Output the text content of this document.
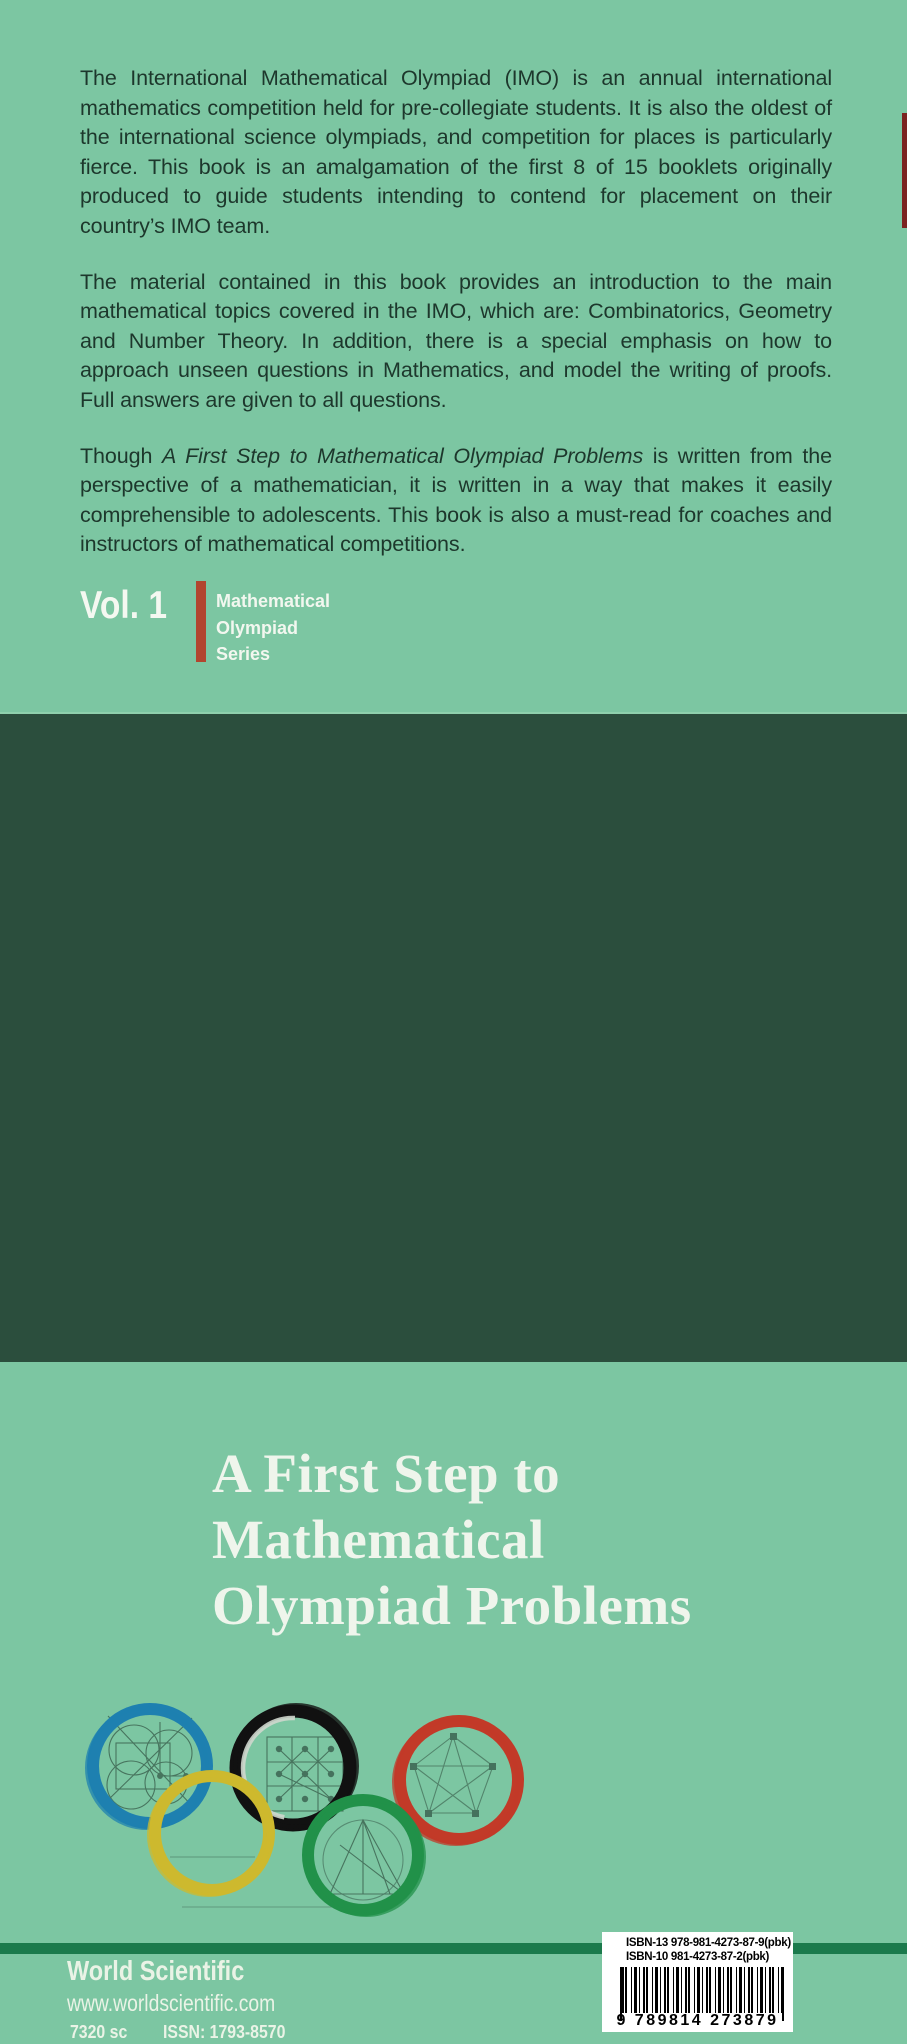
The International Mathematical Olympiad (IMO) is an annual international mathematics competition held for pre-collegiate students. It is also the oldest of the international science olympiads, and competition for places is particularly fierce. This book is an amalgamation of the first 8 of 15 booklets originally produced to guide students intending to contend for placement on their country’s IMO team.

The material contained in this book provides an introduction to the main mathematical topics covered in the IMO, which are: Combinatorics, Geometry and Number Theory. In addition, there is a special emphasis on how to approach unseen questions in Mathematics, and model the writing of proofs. Full answers are given to all questions.

Though A First Step to Mathematical Olympiad Problems is written from the perspective of a mathematician, it is written in a way that makes it easily comprehensible to adolescents. This book is also a must-read for coaches and instructors of mathematical competitions.

Vol. 1	Mathematical
Olympiad
Series
A First Step to
Mathematical
Olympiad Problems
World Scientific
www.worldscientific.com
7320 sc ISSN: 1793-8570
ISBN-13 978-981-4273-87-9(pbk)
ISBN-10 981-4273-87-2(pbk)
9 789814 273879
